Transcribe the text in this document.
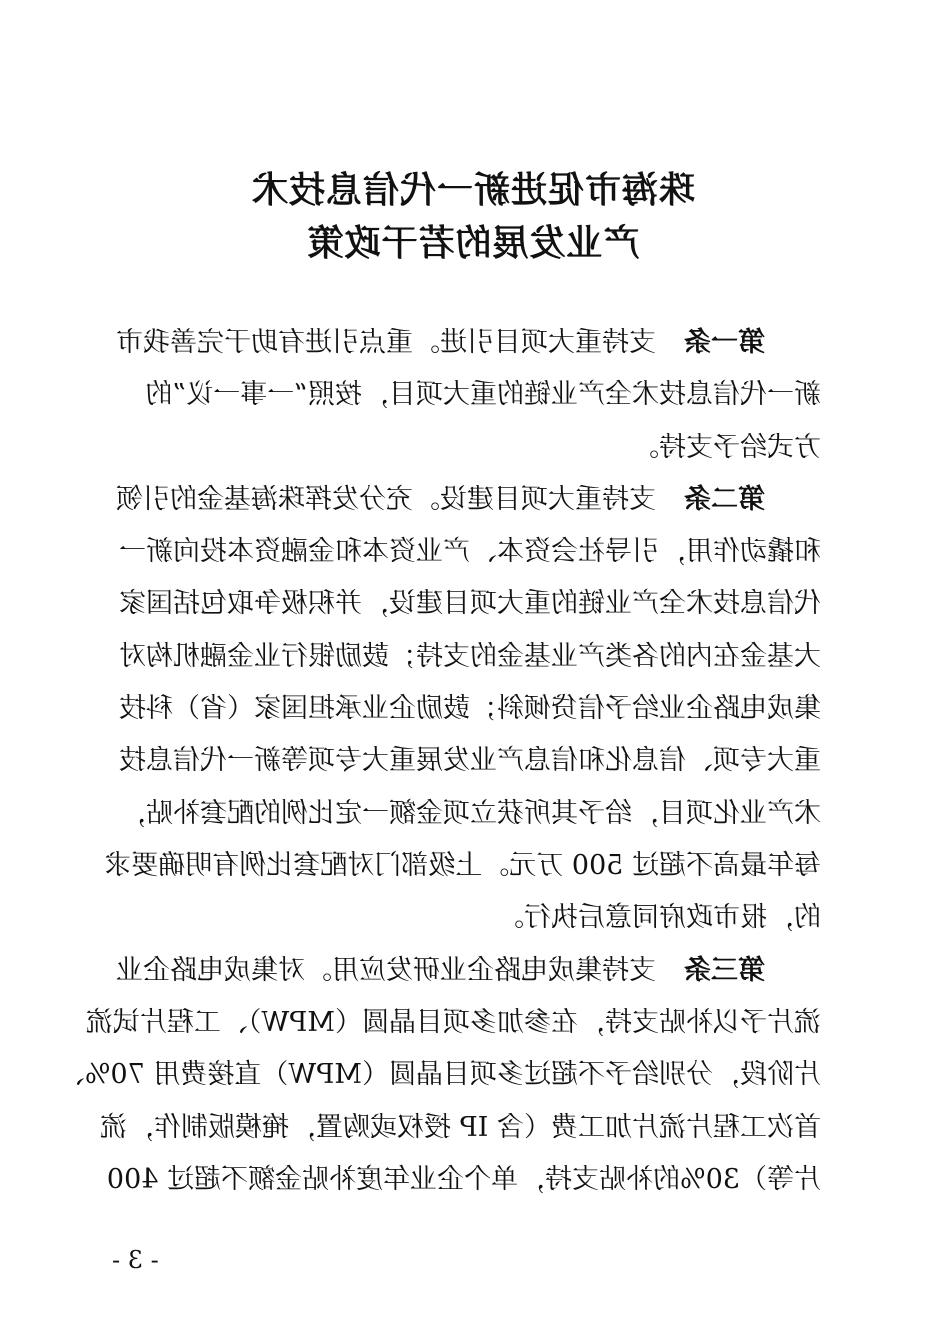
珠海市促进新一代信息技术
产业发展的若干政策
第一条支持重大项目引进。重点引进有助于完善我市
新一代信息技术全产业链的重大项目，按照“一事一议”的
方式给予支持。
第二条支持重大项目建设。充分发挥珠海基金的引领
和撬动作用，引导社会资本、产业资本和金融资本投向新一
代信息技术全产业链的重大项目建设，并积极争取包括国家
大基金在内的各类产业基金的支持；鼓励银行业金融机构对
集成电路企业给予信贷倾斜；鼓励企业承担国家（省）科技
重大专项、信息化和信息产业发展重大专项等新一代信息技
术产业化项目，给予其所获立项金额一定比例的配套补贴，
每年最高不超过 500 万元。上级部门对配套比例有明确要求
的，报市政府同意后执行。
第三条支持集成电路企业研发应用。对集成电路企业
流片予以补贴支持，在参加多项目晶圆（MPW）、工程片试流
片阶段，分别给予不超过多项目晶圆（MPW）直接费用 70%、
首次工程片流片加工费（含 IP 授权或购置，掩模版制作，流
片等）30%的补贴支持，单个企业年度补贴金额不超过 400
- 3 -
